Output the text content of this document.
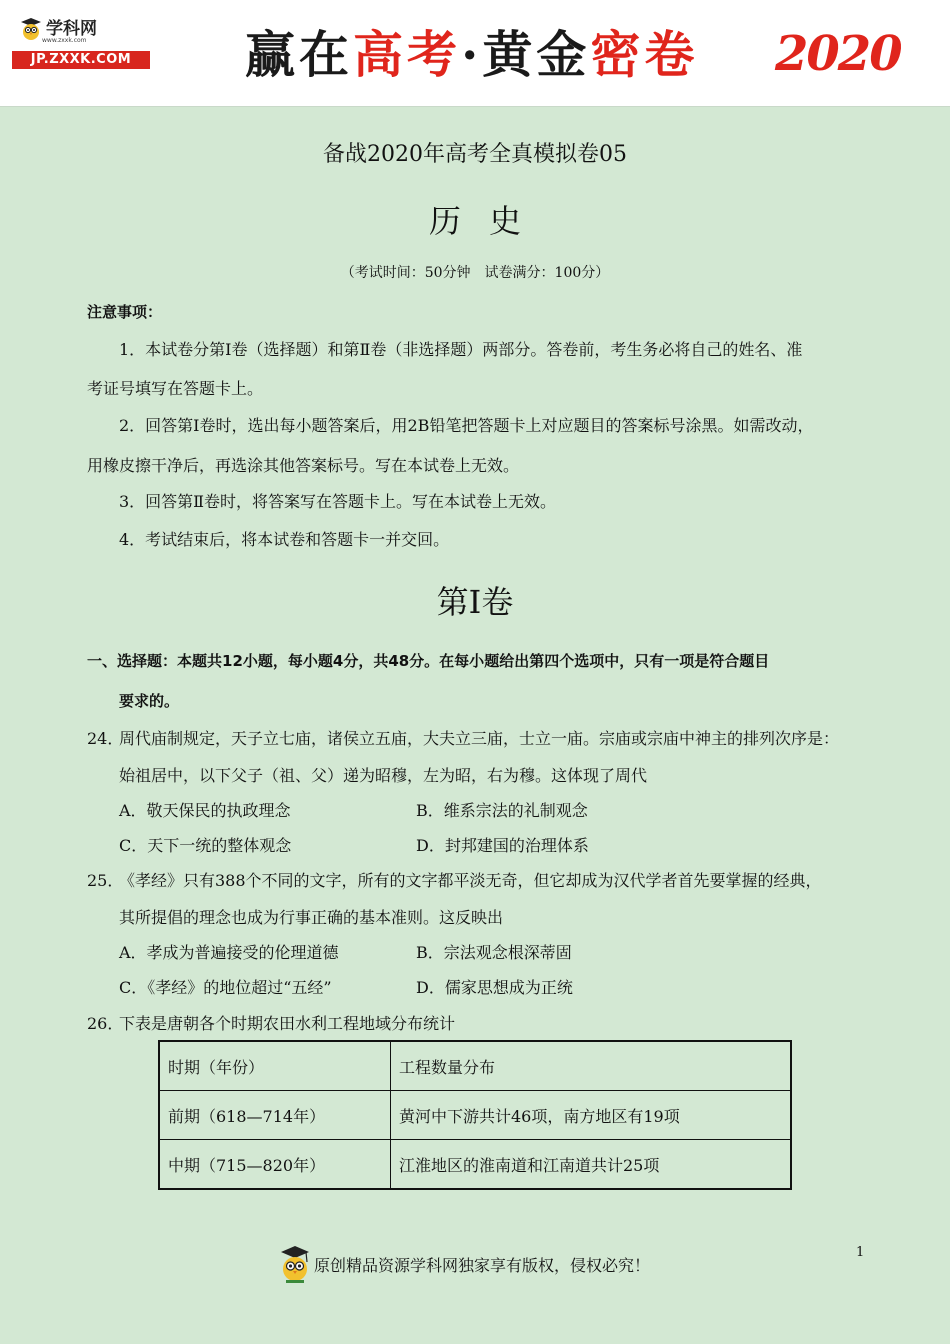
学科网
www.zxxk.com
JP.ZXXK.COM	赢在高考·黄金密卷 2020
备战2020年高考全真模拟卷05
历史
（考试时间：50分钟　试卷满分：100分）
注意事项：
1．本试卷分第Ⅰ卷（选择题）和第Ⅱ卷（非选择题）两部分。答卷前，考生务必将自己的姓名、准
考证号填写在答题卡上。
2．回答第Ⅰ卷时，选出每小题答案后，用2B铅笔把答题卡上对应题目的答案标号涂黑。如需改动，
用橡皮擦干净后，再选涂其他答案标号。写在本试卷上无效。
3．回答第Ⅱ卷时，将答案写在答题卡上。写在本试卷上无效。
4．考试结束后，将本试卷和答题卡一并交回。
第Ⅰ卷
一、选择题：本题共12小题，每小题4分，共48分。在每小题给出第四个选项中，只有一项是符合题目
要求的。
24．
周代庙制规定，天子立七庙，诸侯立五庙，大夫立三庙，士立一庙。宗庙或宗庙中神主的排列次序是：
始祖居中，以下父子（祖、父）递为昭穆，左为昭，右为穆。这体现了周代
A．敬天保民的执政理念	B．维系宗法的礼制观念
C．天下一统的整体观念	D．封邦建国的治理体系
25．
《孝经》只有388个不同的文字，所有的文字都平淡无奇，但它却成为汉代学者首先要掌握的经典，
其所提倡的理念也成为行事正确的基本准则。这反映出
A．孝成为普遍接受的伦理道德	B．宗法观念根深蒂固
C．《孝经》的地位超过“五经”	D．儒家思想成为正统
26．
下表是唐朝各个时期农田水利工程地域分布统计
时期（年份）	工程数量分布
前期（618—714年）	黄河中下游共计46项，南方地区有19项
中期（715—820年）	江淮地区的淮南道和江南道共计25项
1
原创精品资源学科网独家享有版权，侵权必究！
